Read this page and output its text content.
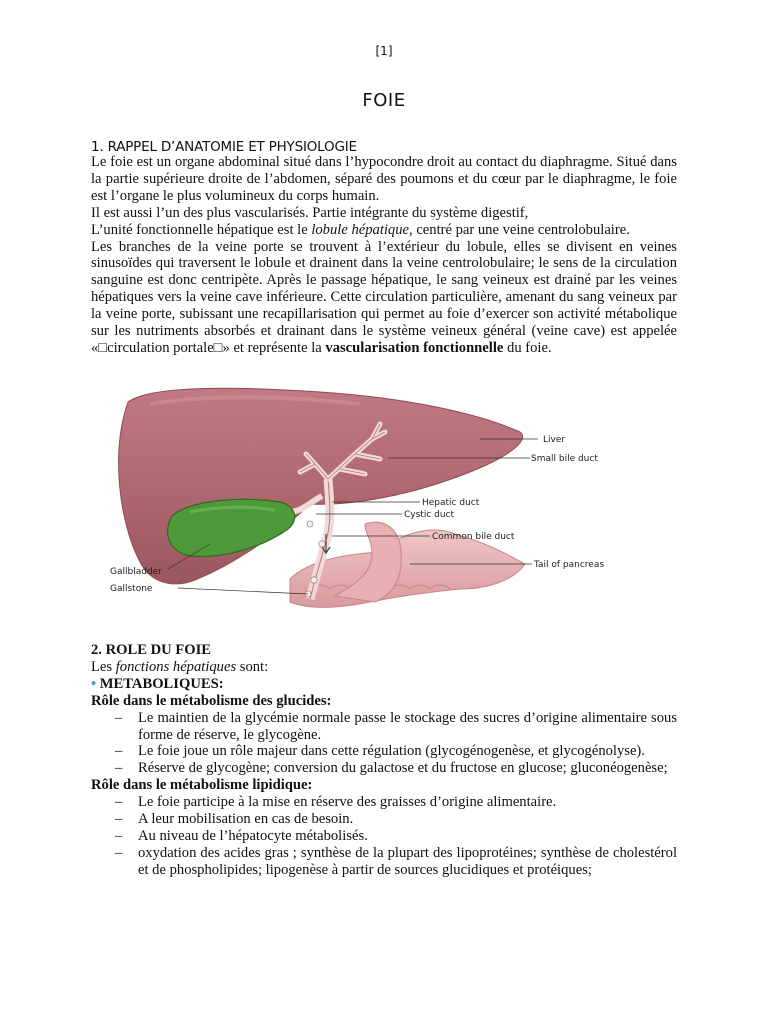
[1]
FOIE
1. RAPPEL D’ANATOMIE ET PHYSIOLOGIE

Le foie est un organe abdominal situé dans l’hypocondre droit au contact du diaphragme. Situé dans la partie supérieure droite de l’abdomen, séparé des poumons et du cœur par le diaphragme, le foie est l’organe le plus volumineux du corps humain.

Il est aussi l’un des plus vascularisés. Partie intégrante du système digestif,

L’unité fonctionnelle hépatique est le lobule hépatique, centré par une veine centrolobulaire.

Les branches de la veine porte se trouvent à l’extérieur du lobule, elles se divisent en veines sinusoïdes qui traversent le lobule et drainent dans la veine centrolobulaire; le sens de la circulation sanguine est donc centripète. Après le passage hépatique, le sang veineux est drainé par les veines hépatiques vers la veine cave inférieure. Cette circulation particulière, amenant du sang veineux par la veine porte, subissant une recapillarisation qui permet au foie d’exercer son activité métabolique sur les nutriments absorbés et drainant dans le système veineux général (veine cave) est appelée «□circulation portale□» et représente la vascularisation fonctionnelle du foie.

Liver
Small bile duct
Hepatic duct
Cystic duct
Common bile duct
Tail of pancreas
Gallbladder
Gallstone

2. ROLE DU FOIE

Les fonctions hépatiques sont:

• METABOLIQUES:

Rôle dans le métabolisme des glucides:

– Le maintien de la glycémie normale passe le stockage des sucres d’origine alimentaire sous forme de réserve, le glycogène.
– Le foie joue un rôle majeur dans cette régulation (glycogénogenèse, et glycogénolyse).
– Réserve de glycogène; conversion du galactose et du fructose en glucose; gluconéogenèse;

Rôle dans le métabolisme lipidique:

– Le foie participe à la mise en réserve des graisses d’origine alimentaire.
– A leur mobilisation en cas de besoin.
– Au niveau de l’hépatocyte métabolisés.
– oxydation des acides gras ; synthèse de la plupart des lipoprotéines; synthèse de cholestérol et de phospholipides; lipogenèse à partir de sources glucidiques et protéiques;
